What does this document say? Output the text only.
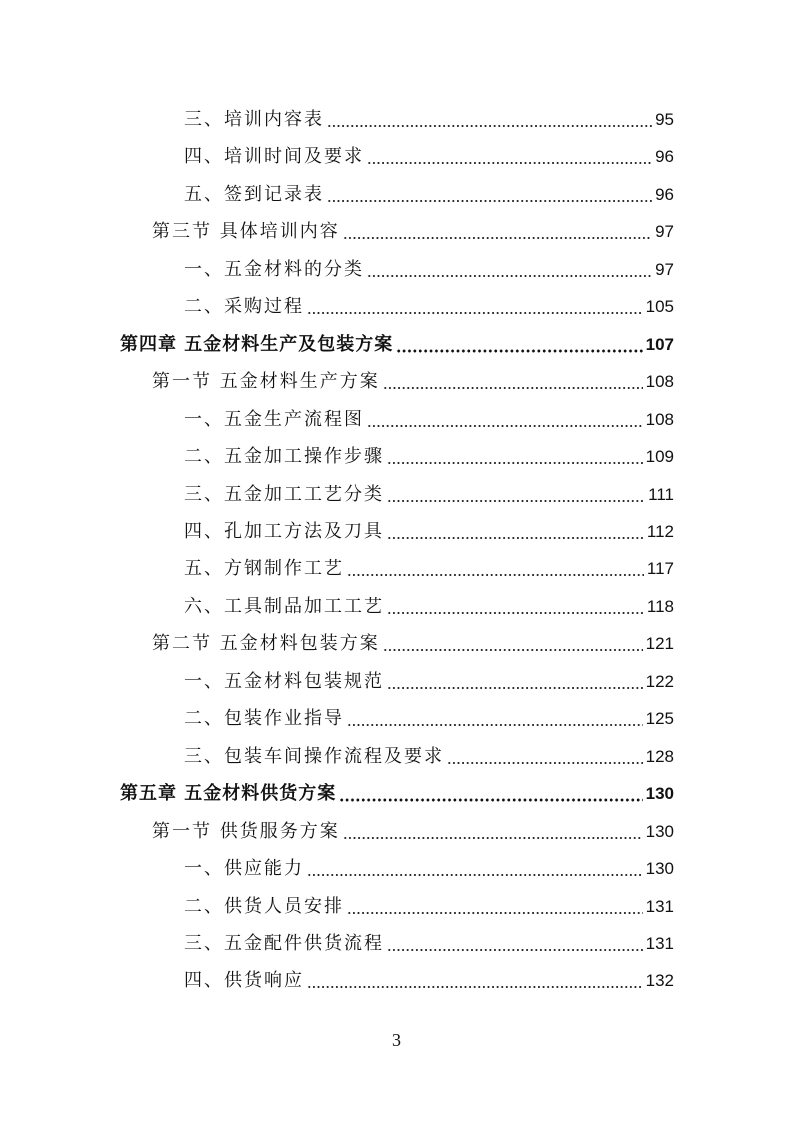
三、培训内容表	95
四、培训时间及要求	96
五、签到记录表	96
第三节 具体培训内容	97
一、五金材料的分类	97
二、采购过程	105
第四章 五金材料生产及包装方案	107
第一节 五金材料生产方案	108
一、五金生产流程图	108
二、五金加工操作步骤	109
三、五金加工工艺分类	111
四、孔加工方法及刀具	112
五、方钢制作工艺	117
六、工具制品加工工艺	118
第二节 五金材料包装方案	121
一、五金材料包装规范	122
二、包装作业指导	125
三、包装车间操作流程及要求	128
第五章 五金材料供货方案	130
第一节 供货服务方案	130
一、供应能力	130
二、供货人员安排	131
三、五金配件供货流程	131
四、供货响应	132
3
